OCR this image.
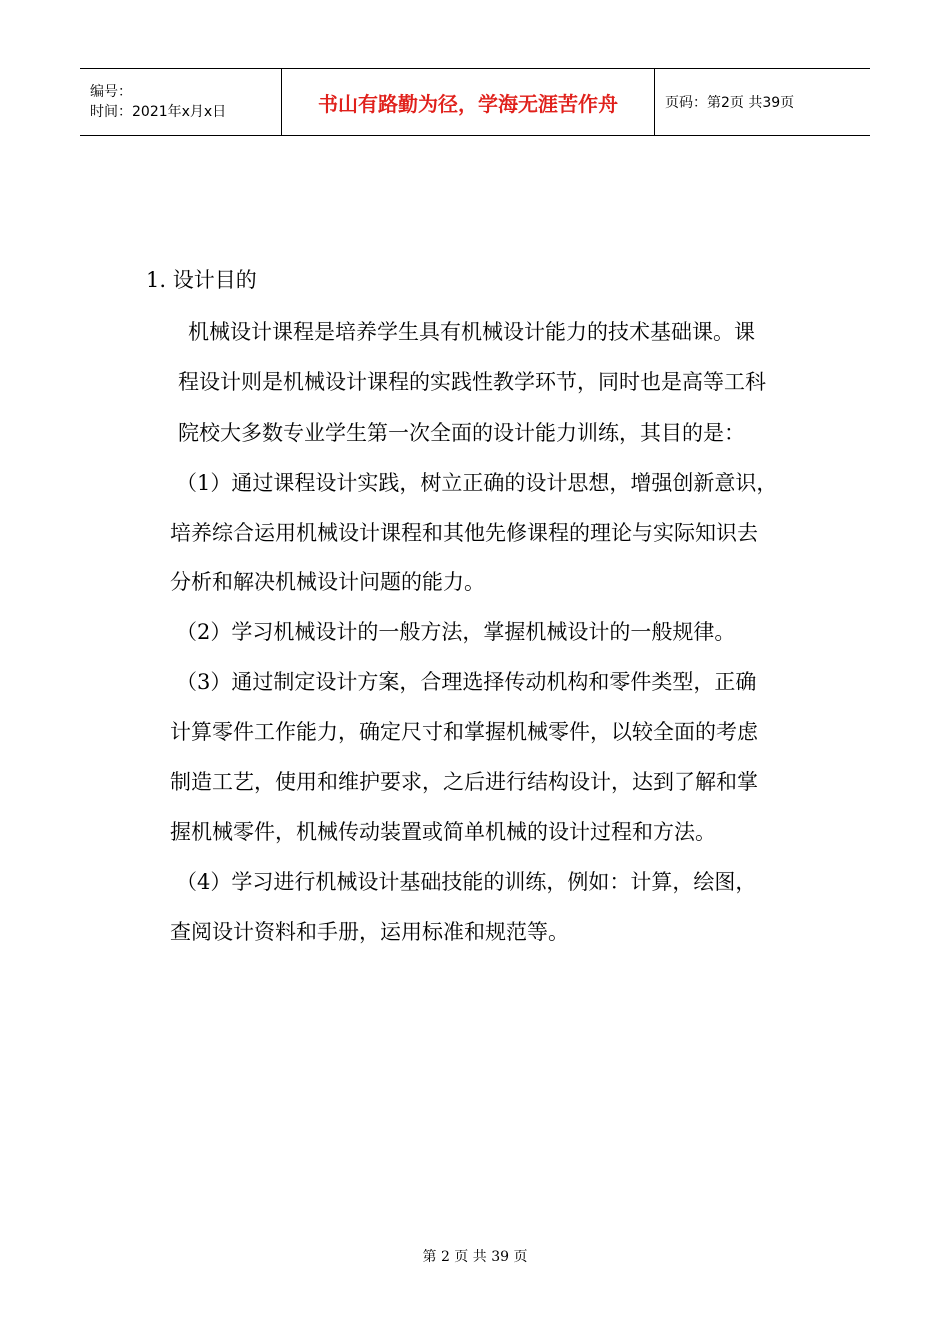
编号：
时间：2021年x月x日	书山有路勤为径，学海无涯苦作舟	页码：第2页 共39页
1. 设计目的
机械设计课程是培养学生具有机械设计能力的技术基础课。课
程设计则是机械设计课程的实践性教学环节，同时也是高等工科
院校大多数专业学生第一次全面的设计能力训练，其目的是：
（1）通过课程设计实践，树立正确的设计思想，增强创新意识，
培养综合运用机械设计课程和其他先修课程的理论与实际知识去
分析和解决机械设计问题的能力。
（2）学习机械设计的一般方法，掌握机械设计的一般规律。
（3）通过制定设计方案，合理选择传动机构和零件类型，正确
计算零件工作能力，确定尺寸和掌握机械零件，以较全面的考虑
制造工艺，使用和维护要求，之后进行结构设计，达到了解和掌
握机械零件，机械传动装置或简单机械的设计过程和方法。
（4）学习进行机械设计基础技能的训练，例如：计算，绘图，
查阅设计资料和手册，运用标准和规范等。
第 2 页 共 39 页
